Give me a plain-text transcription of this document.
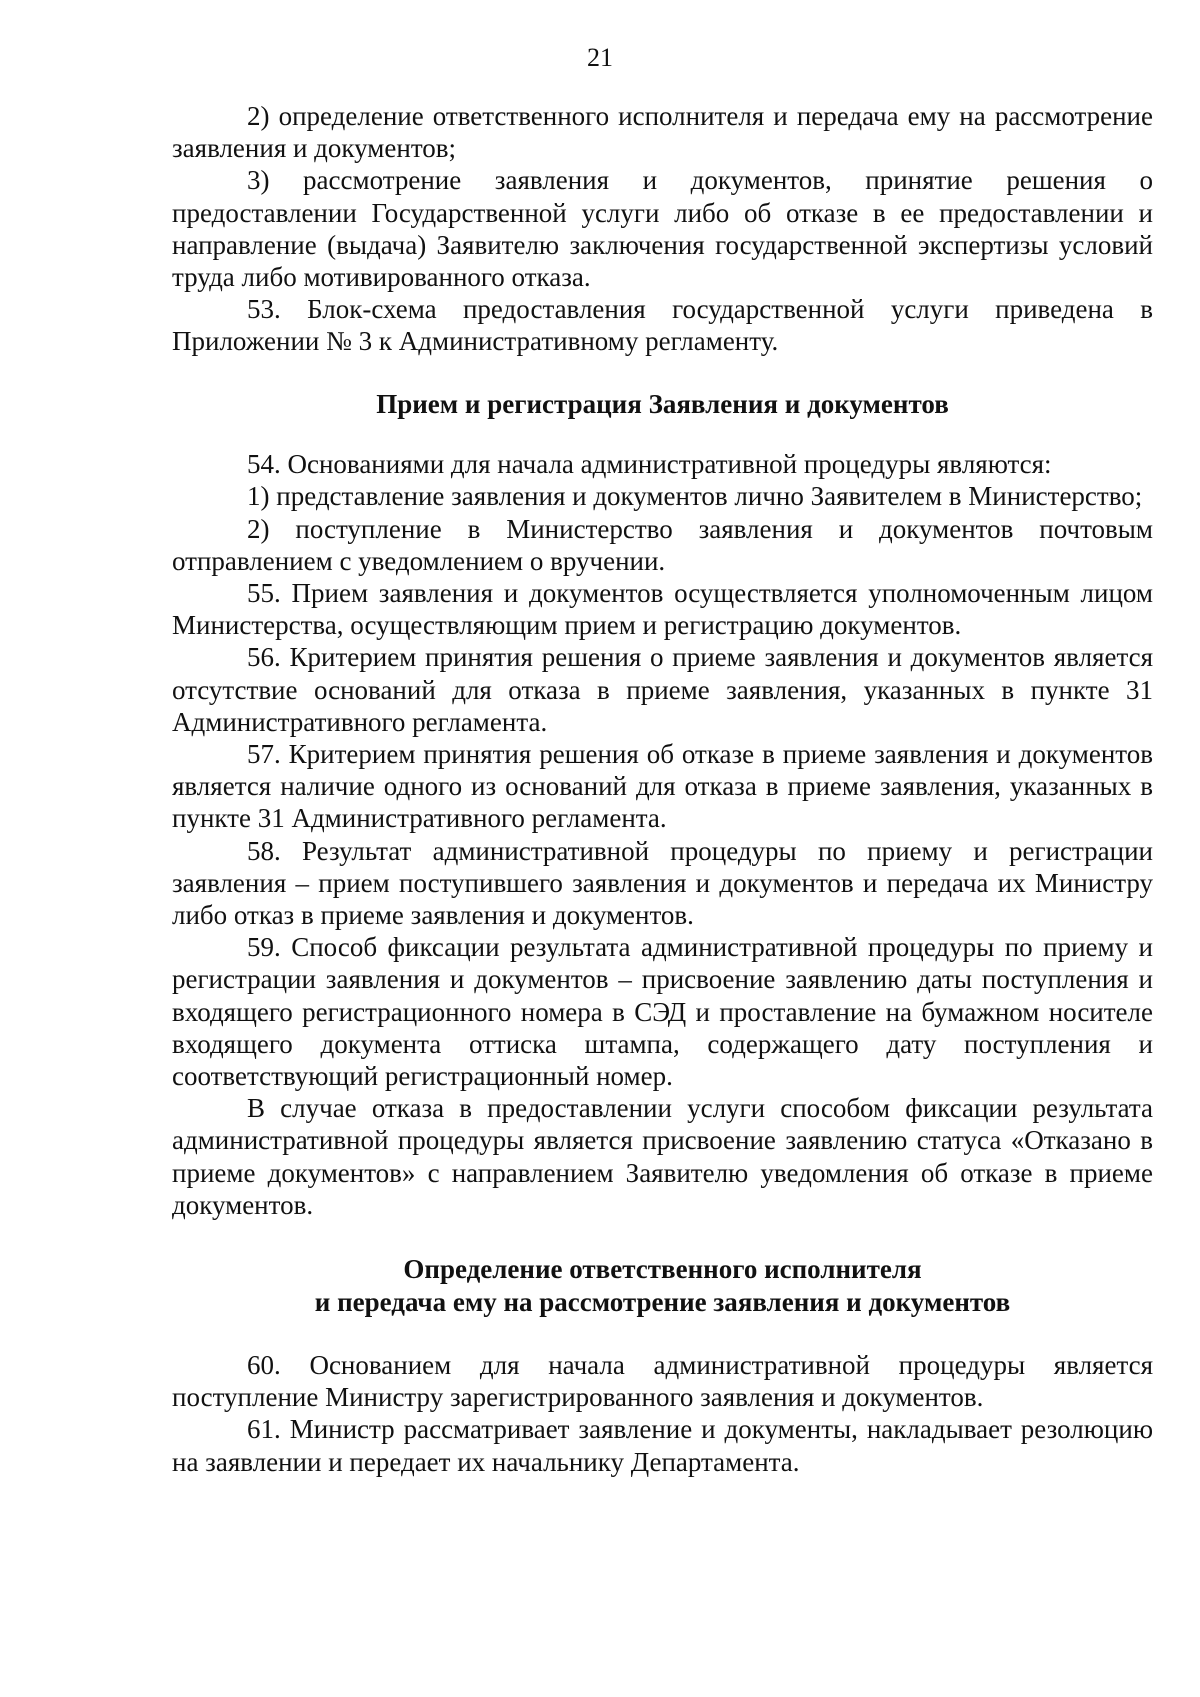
21

2) определение ответственного исполнителя и передача ему на рассмотрение заявления и документов;

3) рассмотрение заявления и документов, принятие решения о предоставлении Государственной услуги либо об отказе в ее предоставлении и направление (выдача) Заявителю заключения государственной экспертизы условий труда либо мотивированного отказа.

53. Блок-схема предоставления государственной услуги приведена в Приложении № 3 к Административному регламенту.

Прием и регистрация Заявления и документов

54. Основаниями для начала административной процедуры являются:

1) представление заявления и документов лично Заявителем в Министерство;

2) поступление в Министерство заявления и документов почтовым отправлением с уведомлением о вручении.

55. Прием заявления и документов осуществляется уполномоченным лицом Министерства, осуществляющим прием и регистрацию документов.

56. Критерием принятия решения о приеме заявления и документов является отсутствие оснований для отказа в приеме заявления, указанных в пункте 31 Административного регламента.

57. Критерием принятия решения об отказе в приеме заявления и документов является наличие одного из оснований для отказа в приеме заявления, указанных в пункте 31 Административного регламента.

58. Результат административной процедуры по приему и регистрации заявления – прием поступившего заявления и документов и передача их Министру либо отказ в приеме заявления и документов.

59. Способ фиксации результата административной процедуры по приему и регистрации заявления и документов – присвоение заявлению даты поступления и входящего регистрационного номера в СЭД и проставление на бумажном носителе входящего документа оттиска штампа, содержащего дату поступления и соответствующий регистрационный номер.

В случае отказа в предоставлении услуги способом фиксации результата административной процедуры является присвоение заявлению статуса «Отказано в приеме документов» с направлением Заявителю уведомления об отказе в приеме документов.

Определение ответственного исполнителя
и передача ему на рассмотрение заявления и документов

60. Основанием для начала административной процедуры является поступление Министру зарегистрированного заявления и документов.

61. Министр рассматривает заявление и документы, накладывает резолюцию на заявлении и передает их начальнику Департамента.
